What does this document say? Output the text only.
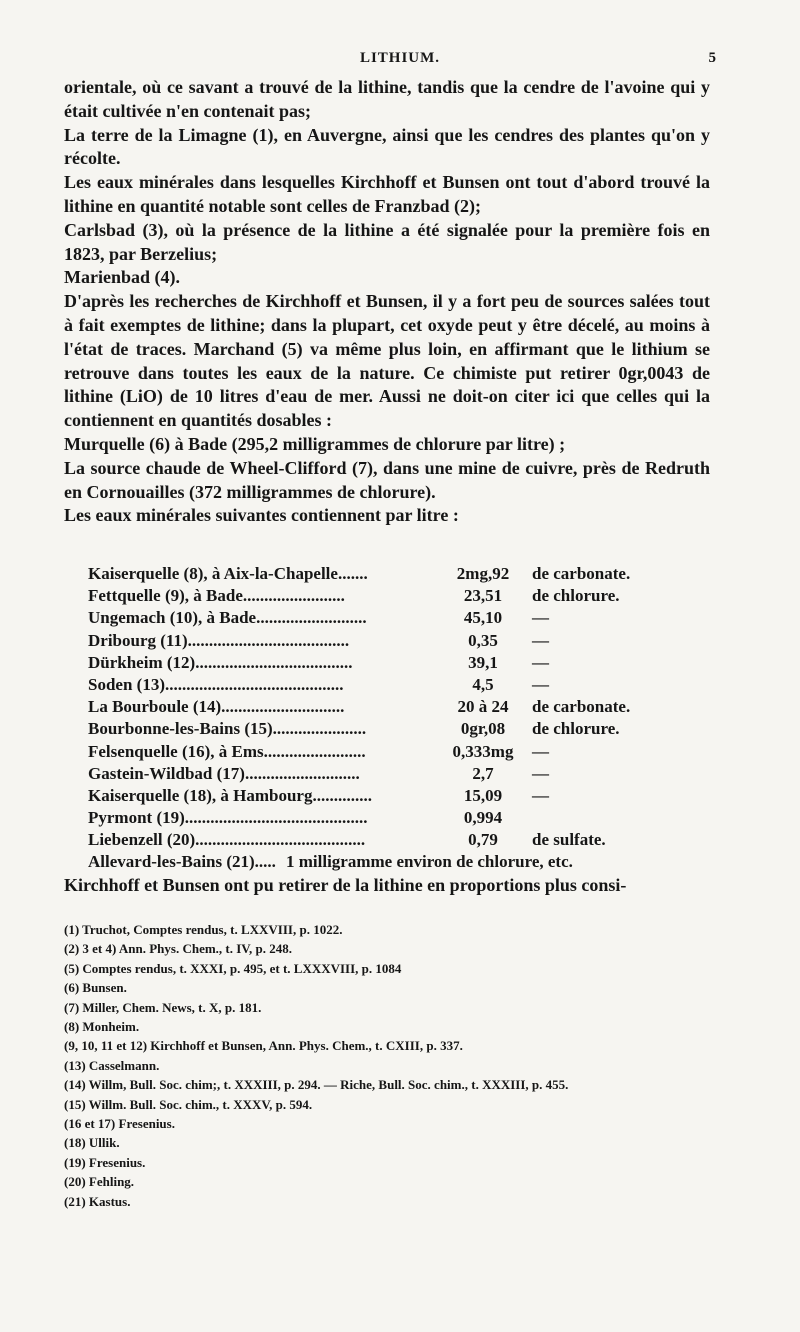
LITHIUM.	5

orientale, où ce savant a trouvé de la lithine, tandis que la cendre de l'avoine qui y était cultivée n'en contenait pas;

La terre de la Limagne (1), en Auvergne, ainsi que les cendres des plantes qu'on y récolte.

Les eaux minérales dans lesquelles Kirchhoff et Bunsen ont tout d'abord trouvé la lithine en quantité notable sont celles de Franzbad (2);

Carlsbad (3), où la présence de la lithine a été signalée pour la première fois en 1823, par Berzelius;

Marienbad (4).

D'après les recherches de Kirchhoff et Bunsen, il y a fort peu de sources salées tout à fait exemptes de lithine; dans la plupart, cet oxyde peut y être décelé, au moins à l'état de traces. Marchand (5) va même plus loin, en affirmant que le lithium se retrouve dans toutes les eaux de la nature. Ce chimiste put retirer 0gr,0043 de lithine (LiO) de 10 litres d'eau de mer. Aussi ne doit-on citer ici que celles qui la contiennent en quantités dosables :

Murquelle (6) à Bade (295,2 milligrammes de chlorure par litre) ;

La source chaude de Wheel-Clifford (7), dans une mine de cuivre, près de Redruth en Cornouailles (372 milligrammes de chlorure).

Les eaux minérales suivantes contiennent par litre :

Kaiserquelle (8), à Aix-la-Chapelle.......	2mg,92	de carbonate.
Fettquelle (9), à Bade........................	23,51	de chlorure.
Ungemach (10), à Bade..........................	45,10	—
Dribourg (11)......................................	0,35	—
Dürkheim (12).....................................	39,1	—
Soden (13)..........................................	4,5	—
La Bourboule (14).............................	20 à 24	de carbonate.
Bourbonne-les-Bains (15)......................	0gr,08	de chlorure.
Felsenquelle (16), à Ems........................	0,333mg	—
Gastein-Wildbad (17)...........................	2,7	—
Kaiserquelle (18), à Hambourg..............	15,09	—
Pyrmont (19)...........................................	0,994
Liebenzell (20)........................................	0,79	de sulfate.
Allevard-les-Bains (21)..... 1 milligramme environ de chlorure, etc.
Kirchhoff et Bunsen ont pu retirer de la lithine en proportions plus consi-
(1) Truchot, Comptes rendus, t. LXXVIII, p. 1022.
(2) 3 et 4) Ann. Phys. Chem., t. IV, p. 248.
(5) Comptes rendus, t. XXXI, p. 495, et t. LXXXVIII, p. 1084
(6) Bunsen.
(7) Miller, Chem. News, t. X, p. 181.
(8) Monheim.
(9, 10, 11 et 12) Kirchhoff et Bunsen, Ann. Phys. Chem., t. CXIII, p. 337.
(13) Casselmann.
(14) Willm, Bull. Soc. chim;, t. XXXIII, p. 294. — Riche, Bull. Soc. chim., t. XXXIII, p. 455.
(15) Willm. Bull. Soc. chim., t. XXXV, p. 594.
(16 et 17) Fresenius.
(18) Ullik.
(19) Fresenius.
(20) Fehling.
(21) Kastus.
